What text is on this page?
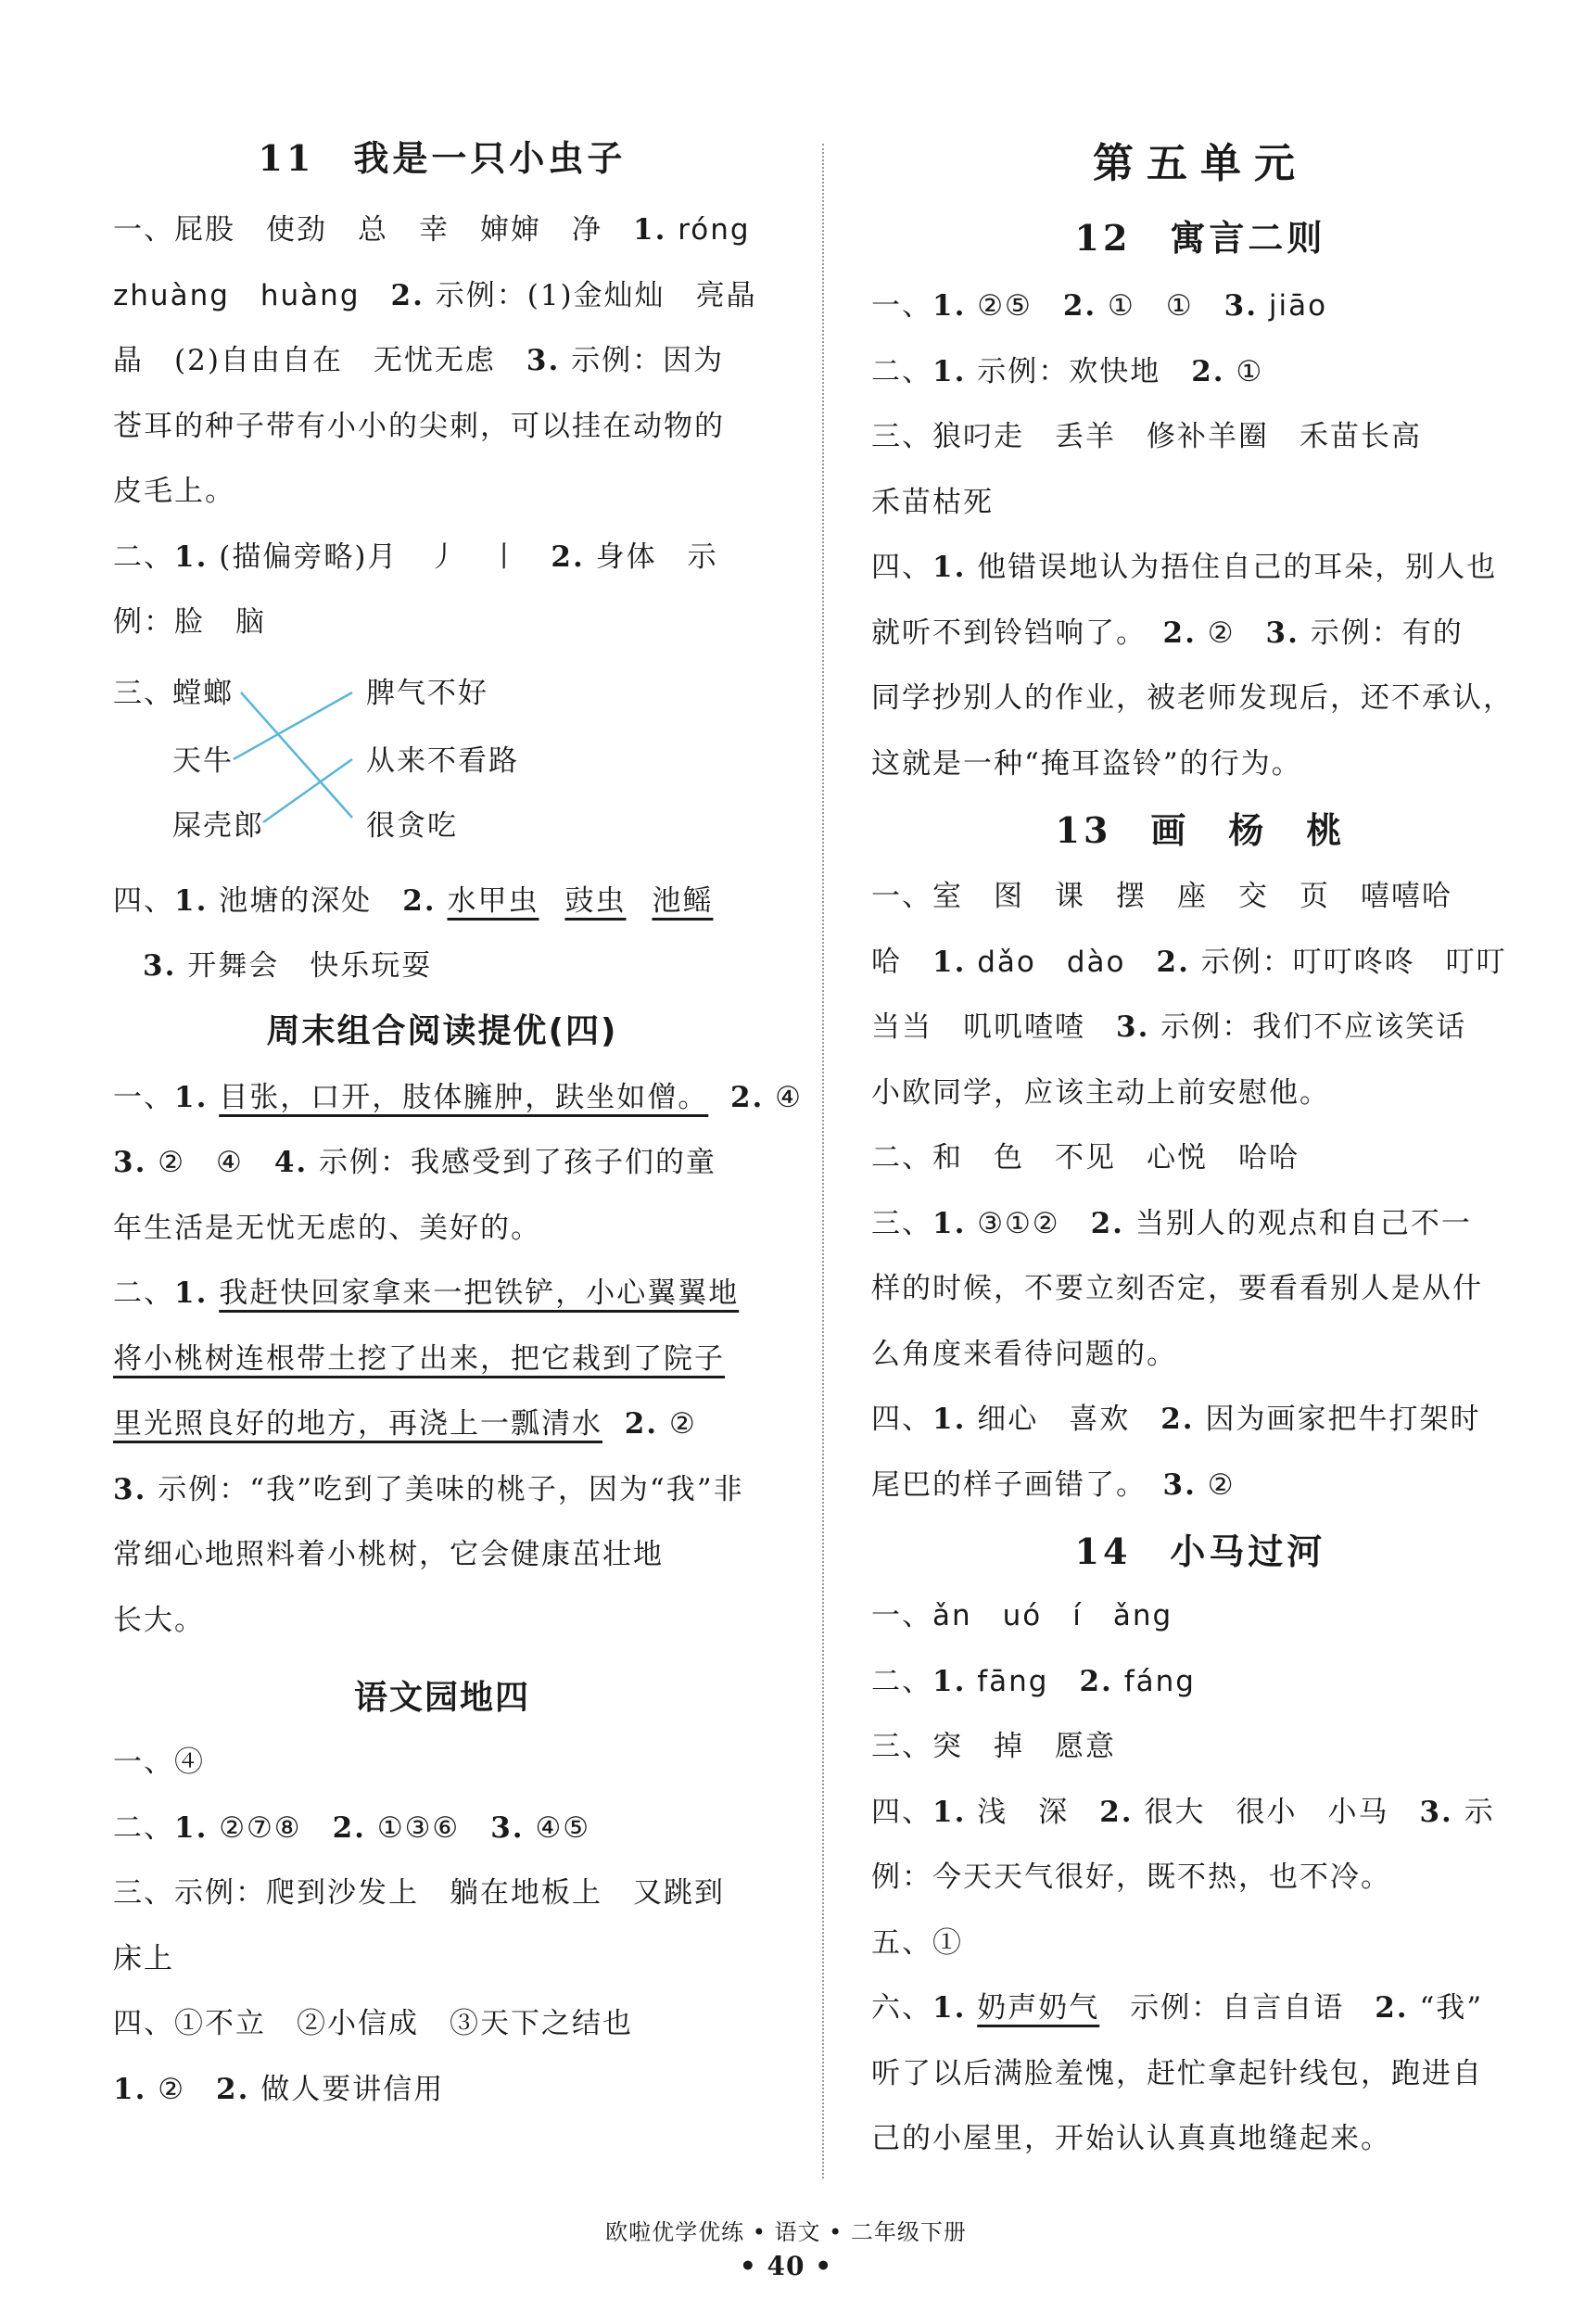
11　我是一只小虫子

一、屁股　使劲　总　幸　婶婶　净　1. róng

zhuàng　huàng　 2. 示例：(1)金灿灿　亮晶

晶　(2)自由自在　无忧无虑　3. 示例：因为

苍耳的种子带有小小的尖刺，可以挂在动物的

皮毛上。

二、1. (描偏旁略)月　丿　丨　2. 身体　示

例：脸　脑

三、
螳螂
天牛
屎壳郎
脾气不好
从来不看路
很贪吃

四、1. 池塘的深处　2. 水甲虫 豉虫 池鳐

3. 开舞会　快乐玩耍

周末组合阅读提优(四)

一、1. 目张，口开，肢体臃肿，趺坐如僧。 2. ④

3. ②　④　4. 示例：我感受到了孩子们的童

年生活是无忧无虑的、美好的。

二、1. 我赶快回家拿来一把铁铲，小心翼翼地

将小桃树连根带土挖了出来，把它栽到了院子

里光照良好的地方，再浇上一瓢清水 2. ②

3. 示例：“我”吃到了美味的桃子，因为“我”非

常细心地照料着小桃树，它会健康茁壮地

长大。

语文园地四

一、④

二、1. ②⑦⑧　2. ①③⑥　3. ④⑤

三、示例：爬到沙发上　躺在地板上　又跳到

床上

四、①不立　②小信成　③天下之结也

1. ②　2. 做人要讲信用

第五单元

12　寓言二则

一、1. ②⑤　2. ①　①　3. jiāo

二、1. 示例：欢快地　2. ①

三、狼叼走　丢羊　修补羊圈　禾苗长高

禾苗枯死

四、1. 他错误地认为捂住自己的耳朵，别人也

就听不到铃铛响了。　2. ②　3. 示例：有的

同学抄别人的作业，被老师发现后，还不承认，

这就是一种“掩耳盗铃”的行为。

13　画　杨　桃

一、室　图　课　摆　座　交　页　嘻嘻哈

哈　1. dǎo　dào　2. 示例：叮叮咚咚　叮叮

当当　叽叽喳喳　3. 示例：我们不应该笑话

小欧同学，应该主动上前安慰他。

二、和　色　不见　心悦　哈哈

三、1. ③①②　2. 当别人的观点和自己不一

样的时候，不要立刻否定，要看看别人是从什

么角度来看待问题的。

四、1. 细心　喜欢　2. 因为画家把牛打架时

尾巴的样子画错了。　3. ②

14　小马过河

一、ǎn　uó　í　ǎng

二、1. fāng　2. fáng

三、突　掉　愿意

四、1. 浅　深　2. 很大　很小　小马　3. 示

例：今天天气很好，既不热，也不冷。

五、①

六、1. 奶声奶气　示例：自言自语　2. “我”

听了以后满脸羞愧，赶忙拿起针线包，跑进自

己的小屋里，开始认认真真地缝起来。

欧啦优学优练 • 语文 • 二年级下册
• 40 •
